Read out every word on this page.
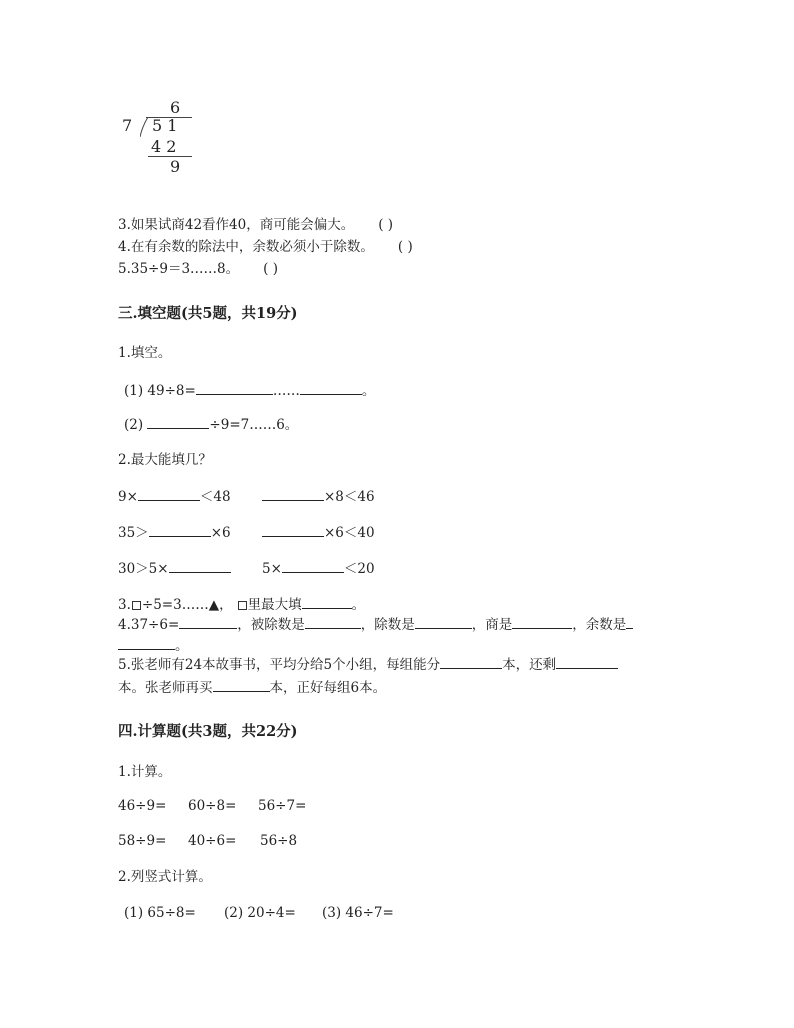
6
7 5 1
4 2
9
3.如果试商42看作40，商可能会偏大。 ( )
4.在有余数的除法中，余数必须小于除数。 ( )
5.35÷9＝3……8。 ( )
三.填空题(共5题，共19分)
1.填空。
(1) 49÷8=	……	。
(2)	÷9=7……6。
2.最大能填几？
9×	＜48	×8＜46
35＞	×6	×6＜40
30＞5×	5×	＜20
3. ÷5=3……▲， 里最大填	。
4.37÷6=	，被除数是	，除数是	，商是	，余数是
。
5.张老师有24本故事书，平均分给5个小组，每组能分	本，还剩
本。张老师再买	本，正好每组6本。
四.计算题(共3题，共22分)
1.计算。
46÷9= 60÷8= 56÷7=
58÷9= 40÷6= 56÷8
2.列竖式计算。
(1) 65÷8= (2) 20÷4= (3) 46÷7=
